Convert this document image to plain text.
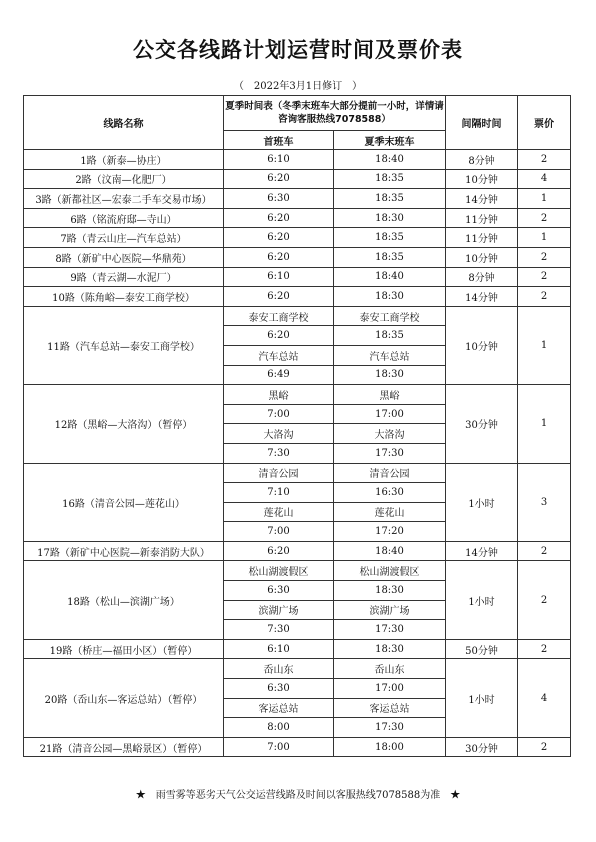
公交各线路计划运营时间及票价表
（　2022年3月1日修订　）
线路名称	夏季时间表（冬季末班车大部分提前一小时，详情请咨询客服热线7078588）		间隔时间	票价
	首班车	夏季末班车		
1路（新泰—协庄）	6:10	18:40	8分钟	2
2路（汶南—化肥厂）	6:20	18:35	10分钟	4
3路（新都社区—宏泰二手车交易市场）	6:30	18:35	14分钟	1
6路（铭流府邸—寺山）	6:20	18:30	11分钟	2
7路（青云山庄—汽车总站）	6:20	18:35	11分钟	1
8路（新矿中心医院—华鼎苑）	6:20	18:35	10分钟	2
9路（青云湖—水泥厂）	6:10	18:40	8分钟	2
10路（陈角峪—泰安工商学校）	6:20	18:30	14分钟	2
11路（汽车总站—泰安工商学校）	泰安工商学校	泰安工商学校	10分钟	1
	6:20	18:35		
	汽车总站	汽车总站		
	6:49	18:30		
12路（黑峪—大洛沟）（暂停）	黑峪	黑峪	30分钟	1
	7:00	17:00		
	大洛沟	大洛沟		
	7:30	17:30		
16路（清音公园—莲花山）	清音公园	清音公园	1小时	3
	7:10	16:30		
	莲花山	莲花山		
	7:00	17:20		
17路（新矿中心医院—新泰消防大队）	6:20	18:40	14分钟	2
18路（松山—滨湖广场）	松山湖渡假区	松山湖渡假区	1小时	2
	6:30	18:30		
	滨湖广场	滨湖广场		
	7:30	17:30		
19路（桥庄—福田小区）（暂停）	6:10	18:30	50分钟	2
20路（岙山东—客运总站）（暂停）	岙山东	岙山东	1小时	4
	6:30	17:00		
	客运总站	客运总站		
	8:00	17:30		
21路（清音公园—黑峪景区）（暂停）	7:00	18:00	30分钟	2
★　雨雪雾等恶劣天气公交运营线路及时间以客服热线7078588为准　★
